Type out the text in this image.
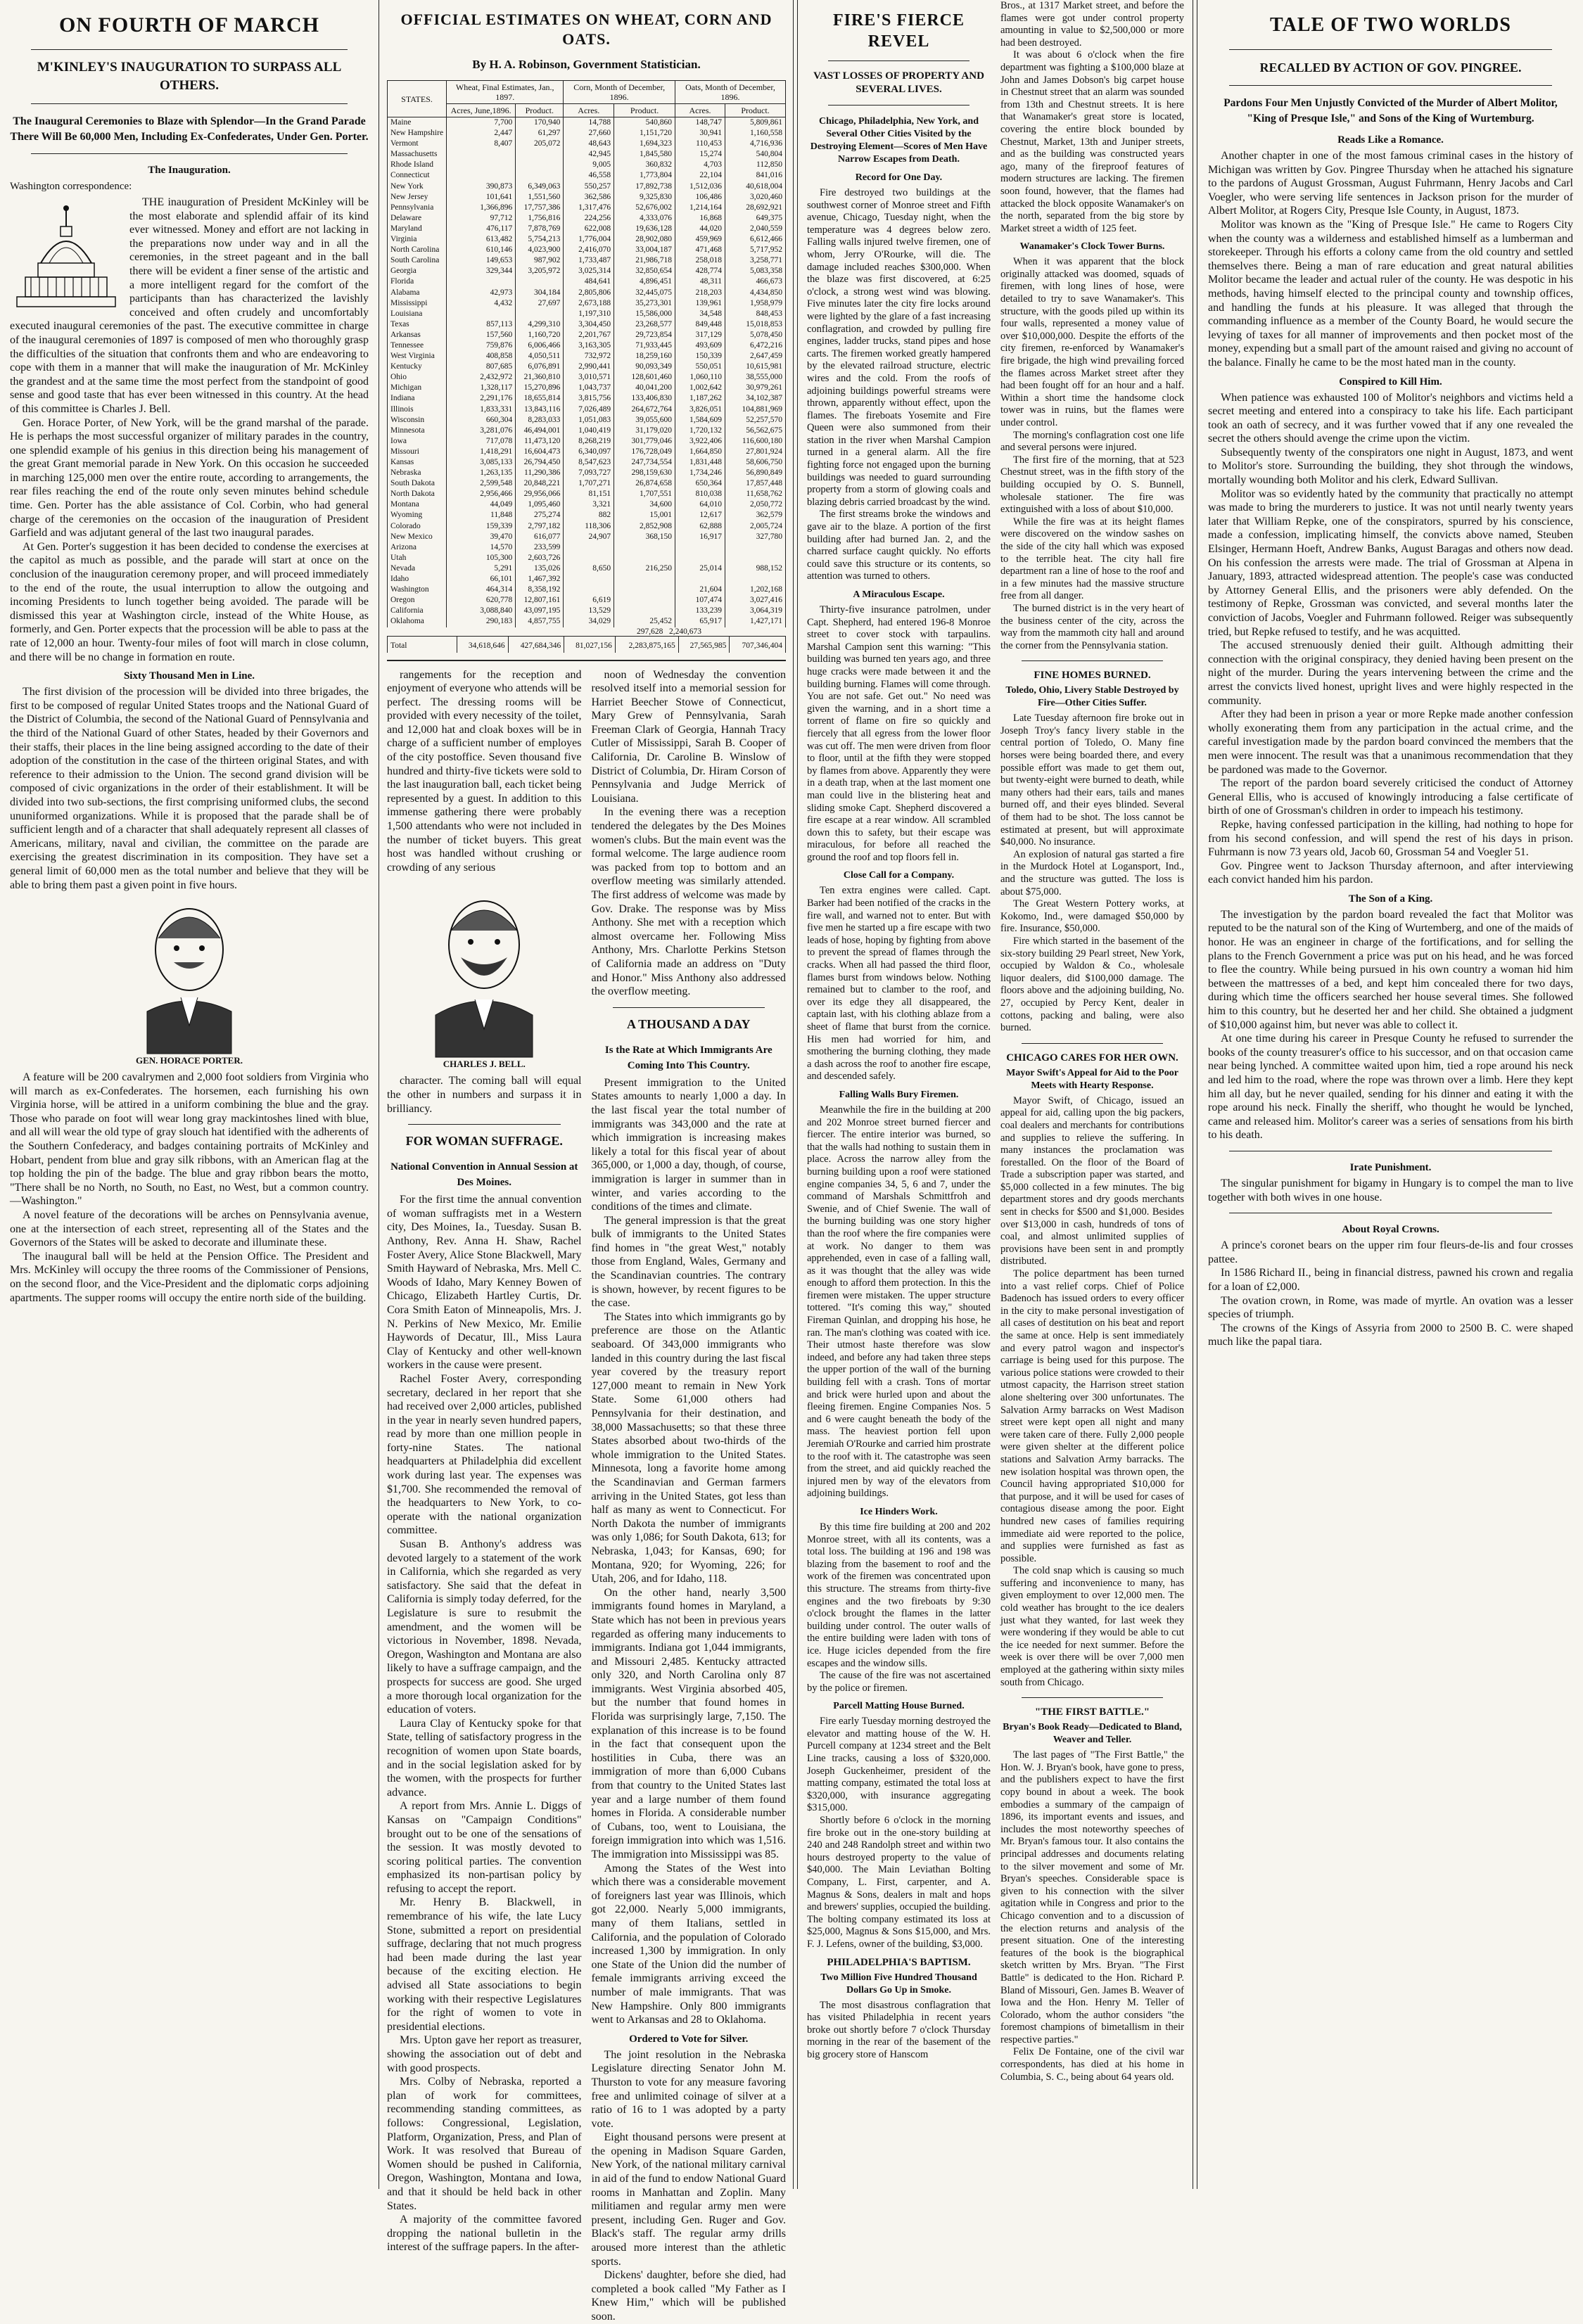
ON FOURTH OF MARCH
M'KINLEY'S INAUGURATION TO SURPASS ALL OTHERS.

The Inaugural Ceremonies to Blaze with Splendor—In the Grand Parade There Will Be 60,000 Men, Including Ex-Confederates, Under Gen. Porter.

The Inauguration.

Washington correspondence:

THE inauguration of President McKinley will be the most elaborate and splendid affair of its kind ever witnessed. Money and effort are not lacking in the preparations now under way and in all the ceremonies, in the street pageant and in the ball there will be evident a finer sense of the artistic and a more intelligent regard for the comfort of the participants than has characterized the lavishly conceived and often crudely and uncomfortably executed inaugural ceremonies of the past. The executive committee in charge of the inaugural ceremonies of 1897 is composed of men who thoroughly grasp the difficulties of the situation that confronts them and who are endeavoring to cope with them in a manner that will make the inauguration of Mr. McKinley the grandest and at the same time the most perfect from the standpoint of good sense and good taste that has ever been witnessed in this country. At the head of this committee is Charles J. Bell.

Gen. Horace Porter, of New York, will be the grand marshal of the parade. He is perhaps the most successful organizer of military parades in the country, one splendid example of his genius in this direction being his management of the great Grant memorial parade in New York. On this occasion he succeeded in marching 125,000 men over the entire route, according to arrangements, the rear files reaching the end of the route only seven minutes behind schedule time. Gen. Porter has the able assistance of Col. Corbin, who had general charge of the ceremonies on the occasion of the inauguration of President Garfield and was adjutant general of the last two inaugural parades.

At Gen. Porter's suggestion it has been decided to condense the exercises at the capitol as much as possible, and the parade will start at once on the conclusion of the inauguration ceremony proper, and will proceed immediately to the end of the route, the usual interruption to allow the outgoing and incoming Presidents to lunch together being avoided. The parade will be dismissed this year at Washington circle, instead of the White House, as formerly, and Gen. Porter expects that the procession will be able to pass at the rate of 12,000 an hour. Twenty-four miles of foot will march in close column, and there will be no change in formation en route.

Sixty Thousand Men in Line.

The first division of the procession will be divided into three brigades, the first to be composed of regular United States troops and the National Guard of the District of Columbia, the second of the National Guard of Pennsylvania and the third of the National Guard of other States, headed by their Governors and their staffs, their places in the line being assigned according to the date of their adoption of the constitution in the case of the thirteen original States, and with reference to their admission to the Union. The second grand division will be composed of civic organizations in the order of their establishment. It will be divided into two sub-sections, the first comprising uniformed clubs, the second ununiformed organizations. While it is proposed that the parade shall be of sufficient length and of a character that shall adequately represent all classes of Americans, military, naval and civilian, the committee on the parade are exercising the greatest discrimination in its composition. They have set a general limit of 60,000 men as the total number and believe that they will be able to bring them past a given point in five hours.

GEN. HORACE PORTER.

A feature will be 200 cavalrymen and 2,000 foot soldiers from Virginia who will march as ex-Confederates. The horsemen, each furnishing his own Virginia horse, will be attired in a uniform combining the blue and the gray. Those who parade on foot will wear long gray mackintoshes lined with blue, and all will wear the old type of gray slouch hat identified with the adherents of the Southern Confederacy, and badges containing portraits of McKinley and Hobart, pendent from blue and gray silk ribbons, with an American flag at the top holding the pin of the badge. The blue and gray ribbon bears the motto, "There shall be no North, no South, no East, no West, but a common country.—Washington."

A novel feature of the decorations will be arches on Pennsylvania avenue, one at the intersection of each street, representing all of the States and the Governors of the States will be asked to decorate and illuminate these.

The inaugural ball will be held at the Pension Office. The President and Mrs. McKinley will occupy the three rooms of the Commissioner of Pensions, on the second floor, and the Vice-President and the diplomatic corps adjoining apartments. The supper rooms will occupy the entire north side of the building.

OFFICIAL ESTIMATES ON WHEAT, CORN AND OATS.
By H. A. Robinson, Government Statistician.
STATES.	Wheat, Final Estimates, Jan., 1897.		Corn, Month of December, 1896.		Oats, Month of December, 1896.	
	Acres, June,1896.	Product.	Acres.	Product.	Acres.	Product.
Maine	7,700	170,940	14,788	540,860	148,747	5,809,861
New Hampshire	2,447	61,297	27,660	1,151,720	30,941	1,160,558
Vermont	8,407	205,072	48,643	1,694,323	110,453	4,716,936
Massachusetts			42,945	1,845,580	15,274	540,804
Rhode Island			9,005	360,832	4,703	112,850
Connecticut			46,558	1,773,804	22,104	841,016
New York	390,873	6,349,063	550,257	17,892,738	1,512,036	40,618,004
New Jersey	101,641	1,551,560	362,586	9,325,830	106,486	3,020,460
Pennsylvania	1,366,896	17,757,386	1,317,476	52,676,002	1,214,164	28,692,921
Delaware	97,712	1,756,816	224,256	4,333,076	16,868	649,375
Maryland	476,117	7,878,769	622,008	19,636,128	44,020	2,040,559
Virginia	613,482	5,754,213	1,776,004	28,902,080	459,969	6,612,466
North Carolina	610,146	4,023,900	2,416,070	33,004,187	471,468	5,717,952
South Carolina	149,653	987,902	1,733,487	21,986,718	258,018	3,258,771
Georgia	329,344	3,205,972	3,025,314	32,850,654	428,774	5,083,358
Florida			484,641	4,896,451	48,311	466,673
Alabama	42,973	304,184	2,805,806	32,445,075	218,203	4,434,850
Mississippi	4,432	27,697	2,673,188	35,273,301	139,961	1,958,979
Louisiana			1,197,310	15,586,000	34,548	848,453
Texas	857,113	4,299,310	3,304,450	23,268,577	849,448	15,018,853
Arkansas	157,560	1,160,720	2,201,767	29,723,854	317,129	5,078,450
Tennessee	759,876	6,006,466	3,163,305	71,933,445	493,609	6,472,216
West Virginia	408,858	4,050,511	732,972	18,259,160	150,339	2,647,459
Kentucky	807,685	6,076,891	2,990,441	90,093,349	550,051	10,615,981
Ohio	2,432,972	21,360,810	3,010,571	128,601,460	1,060,110	38,555,000
Michigan	1,328,117	15,270,896	1,043,737	40,041,200	1,002,642	30,979,261
Indiana	2,291,176	18,655,814	3,815,756	133,406,830	1,187,262	34,102,387
Illinois	1,833,331	13,843,116	7,026,489	264,672,764	3,826,051	104,881,969
Wisconsin	660,304	8,283,033	1,051,083	39,055,600	1,584,609	52,257,570
Minnesota	3,281,076	46,494,001	1,040,419	31,179,020	1,720,132	56,562,675
Iowa	717,078	11,473,120	8,268,219	301,779,046	3,922,406	116,600,180
Missouri	1,418,291	16,604,473	6,340,097	176,728,049	1,664,850	27,801,924
Kansas	3,085,133	26,794,450	8,547,623	247,734,554	1,831,448	58,606,750
Nebraska	1,263,135	11,290,386	7,093,727	298,159,630	1,734,246	56,890,849
South Dakota	2,599,548	20,848,221	1,707,271	26,874,658	650,364	17,857,448
North Dakota	2,956,466	29,956,066	81,151	1,707,551	810,038	11,658,762
Montana	44,049	1,095,460	3,321	34,600	64,010	2,050,772
Wyoming	11,848	275,274	882	15,001	12,617	362,579
Colorado	159,339	2,797,182	118,306	2,852,908	62,888	2,005,724
New Mexico	39,470	616,077	24,907	368,150	16,917	327,780
Arizona	14,570	233,599				
Utah	105,300	2,603,726				
Nevada	5,291	135,026	8,650	216,250	25,014	988,152
Idaho	66,101	1,467,392				
Washington	464,314	8,358,192			21,604	1,202,168
Oregon	620,778	12,807,161	6,619		107,474	3,027,416
California	3,088,840	43,097,195	13,529		133,239	3,064,319
Oklahoma	290,183	4,857,755	34,029	25,452	65,917	1,427,171
297,628 2,240,673
Total	34,618,646	427,684,346	81,027,156	2,283,875,165	27,565,985	707,346,404

rangements for the reception and enjoyment of everyone who attends will be perfect. The dressing rooms will be provided with every necessity of the toilet, and 12,000 hat and cloak boxes will be in charge of a sufficient number of employes of the city postoffice. Seven thousand five hundred and thirty-five tickets were sold to the last inauguration ball, each ticket being represented by a guest. In addition to this immense gathering there were probably 1,500 attendants who were not included in the number of ticket buyers. This great host was handled without crushing or crowding of any serious

CHARLES J. BELL.

character. The coming ball will equal the other in numbers and surpass it in brilliancy.

FOR WOMAN SUFFRAGE.

National Convention in Annual Session at Des Moines.

For the first time the annual convention of woman suffragists met in a Western city, Des Moines, Ia., Tuesday. Susan B. Anthony, Rev. Anna H. Shaw, Rachel Foster Avery, Alice Stone Blackwell, Mary Smith Hayward of Nebraska, Mrs. Mell C. Woods of Idaho, Mary Kenney Bowen of Chicago, Elizabeth Hartley Curtis, Dr. Cora Smith Eaton of Minneapolis, Mrs. J. N. Perkins of New Mexico, Mr. Emilie Haywords of Decatur, Ill., Miss Laura Clay of Kentucky and other well-known workers in the cause were present.

Rachel Foster Avery, corresponding secretary, declared in her report that she had received over 2,000 articles, published in the year in nearly seven hundred papers, read by more than one million people in forty-nine States. The national headquarters at Philadelphia did excellent work during last year. The expenses was $1,700. She recommended the removal of the headquarters to New York, to co-operate with the national organization committee.

Susan B. Anthony's address was devoted largely to a statement of the work in California, which she regarded as very satisfactory. She said that the defeat in California is simply today deferred, for the Legislature is sure to resubmit the amendment, and the women will be victorious in November, 1898. Nevada, Oregon, Washington and Montana are also likely to have a suffrage campaign, and the prospects for success are good. She urged a more thorough local organization for the education of voters.

Laura Clay of Kentucky spoke for that State, telling of satisfactory progress in the recognition of women upon State boards, and in the social legislation asked for by the women, with the prospects for further advance.

A report from Mrs. Annie L. Diggs of Kansas on "Campaign Conditions" brought out to be one of the sensations of the session. It was mostly devoted to scoring political parties. The convention emphasized its non-partisan policy by refusing to accept the report.

Mr. Henry B. Blackwell, in remembrance of his wife, the late Lucy Stone, submitted a report on presidential suffrage, declaring that not much progress had been made during the last year because of the exciting election. He advised all State associations to begin working with their respective Legislatures for the right of women to vote in presidential elections.

Mrs. Upton gave her report as treasurer, showing the association out of debt and with good prospects.

Mrs. Colby of Nebraska, reported a plan of work for committees, recommending standing committees, as follows: Congressional, Legislation, Platform, Organization, Press, and Plan of Work. It was resolved that Bureau of Women should be pushed in California, Oregon, Washington, Montana and Iowa, and that it should be held back in other States.

A majority of the committee favored dropping the national bulletin in the interest of the suffrage papers. In the after-

noon of Wednesday the convention resolved itself into a memorial session for Harriet Beecher Stowe of Connecticut, Mary Grew of Pennsylvania, Sarah Freeman Clark of Georgia, Hannah Tracy Cutler of Mississippi, Sarah B. Cooper of California, Dr. Caroline B. Winslow of District of Columbia, Dr. Hiram Corson of Pennsylvania and Judge Merrick of Louisiana.

In the evening there was a reception tendered the delegates by the Des Moines women's clubs. But the main event was the formal welcome. The large audience room was packed from top to bottom and an overflow meeting was similarly attended. The first address of welcome was made by Gov. Drake. The response was by Miss Anthony. She met with a reception which almost overcame her. Following Miss Anthony, Mrs. Charlotte Perkins Stetson of California made an address on "Duty and Honor." Miss Anthony also addressed the overflow meeting.

A THOUSAND A DAY

Is the Rate at Which Immigrants Are Coming Into This Country.

Present immigration to the United States amounts to nearly 1,000 a day. In the last fiscal year the total number of immigrants was 343,000 and the rate at which immigration is increasing makes likely a total for this fiscal year of about 365,000, or 1,000 a day, though, of course, immigration is larger in summer than in winter, and varies according to the conditions of the times and climate.

The general impression is that the great bulk of immigrants to the United States find homes in "the great West," notably those from England, Wales, Germany and the Scandinavian countries. The contrary is shown, however, by recent figures to be the case.

The States into which immigrants go by preference are those on the Atlantic seaboard. Of 343,000 immigrants who landed in this country during the last fiscal year covered by the treasury report 127,000 meant to remain in New York State. Some 61,000 others had Pennsylvania for their destination, and 38,000 Massachusetts; so that these three States absorbed about two-thirds of the whole immigration to the United States. Minnesota, long a favorite home among the Scandinavian and German farmers arriving in the United States, got less than half as many as went to Connecticut. For North Dakota the number of immigrants was only 1,086; for South Dakota, 613; for Nebraska, 1,043; for Kansas, 690; for Montana, 920; for Wyoming, 226; for Utah, 206, and for Idaho, 118.

On the other hand, nearly 3,500 immigrants found homes in Maryland, a State which has not been in previous years regarded as offering many inducements to immigrants. Indiana got 1,044 immigrants, and Missouri 2,485. Kentucky attracted only 320, and North Carolina only 87 immigrants. West Virginia absorbed 405, but the number that found homes in Florida was surprisingly large, 7,150. The explanation of this increase is to be found in the fact that consequent upon the hostilities in Cuba, there was an immigration of more than 6,000 Cubans from that country to the United States last year and a large number of them found homes in Florida. A considerable number of Cubans, too, went to Louisiana, the foreign immigration into which was 1,516. The immigration into Mississippi was 85.

Among the States of the West into which there was a considerable movement of foreigners last year was Illinois, which got 22,000. Nearly 5,000 immigrants, many of them Italians, settled in California, and the population of Colorado increased 1,300 by immigration. In only one State of the Union did the number of female immigrants arriving exceed the number of male immigrants. That was New Hampshire. Only 800 immigrants went to Arkansas and 28 to Oklahoma.

Ordered to Vote for Silver.

The joint resolution in the Nebraska Legislature directing Senator John M. Thurston to vote for any measure favoring free and unlimited coinage of silver at a ratio of 16 to 1 was adopted by a party vote.

Eight thousand persons were present at the opening in Madison Square Garden, New York, of the national military carnival in aid of the fund to endow National Guard rooms in Manhattan and Zoplin. Many militiamen and regular army men were present, including Gen. Ruger and Gov. Black's staff. The regular army drills aroused more interest than the athletic sports.

Dickens' daughter, before she died, had completed a book called "My Father as I Knew Him," which will be published soon.

FIRE'S FIERCE REVEL
VAST LOSSES OF PROPERTY AND SEVERAL LIVES.

Chicago, Philadelphia, New York, and Several Other Cities Visited by the Destroying Element—Scores of Men Have Narrow Escapes from Death.

Record for One Day.

Fire destroyed two buildings at the southwest corner of Monroe street and Fifth avenue, Chicago, Tuesday night, when the temperature was 4 degrees below zero. Falling walls injured twelve firemen, one of whom, Jerry O'Rourke, will die. The damage included reaches $300,000. When the blaze was first discovered, at 6:25 o'clock, a strong west wind was blowing. Five minutes later the city fire locks around were lighted by the glare of a fast increasing conflagration, and crowded by pulling fire engines, ladder trucks, stand pipes and hose carts. The firemen worked greatly hampered by the elevated railroad structure, electric wires and the cold. From the roofs of adjoining buildings powerful streams were thrown, apparently without effect, upon the flames. The fireboats Yosemite and Fire Queen were also summoned from their station in the river when Marshal Campion turned in a general alarm. All the fire fighting force not engaged upon the burning buildings was needed to guard surrounding property from a storm of glowing coals and blazing debris carried broadcast by the wind.

The first streams broke the windows and gave air to the blaze. A portion of the first building after had burned Jan. 2, and the charred surface caught quickly. No efforts could save this structure or its contents, so attention was turned to others.

A Miraculous Escape.

Thirty-five insurance patrolmen, under Capt. Shepherd, had entered 196-8 Monroe street to cover stock with tarpaulins. Marshal Campion sent this warning: "This building was burned ten years ago, and three huge cracks were made between it and the building burning. Flames will come through. You are not safe. Get out." No need was given the warning, and in a short time a torrent of flame on fire so quickly and fiercely that all egress from the lower floor was cut off. The men were driven from floor to floor, until at the fifth they were stopped by flames from above. Apparently they were in a death trap, when at the last moment one man could live in the blistering heat and sliding smoke Capt. Shepherd discovered a fire escape at a rear window. All scrambled down this to safety, but their escape was miraculous, for before all reached the ground the roof and top floors fell in.

Close Call for a Company.

Ten extra engines were called. Capt. Barker had been notified of the cracks in the fire wall, and warned not to enter. But with five men he started up a fire escape with two leads of hose, hoping by fighting from above to prevent the spread of flames through the cracks. When all had passed the third floor, flames burst from windows below. Nothing remained but to clamber to the roof, and over its edge they all disappeared, the captain last, with his clothing ablaze from a sheet of flame that burst from the cornice. His men had worried for him, and smothering the burning clothing, they made a dash across the roof to another fire escape, and descended safely.

Falling Walls Bury Firemen.

Meanwhile the fire in the building at 200 and 202 Monroe street burned fiercer and fiercer. The entire interior was burned, so that the walls had nothing to sustain them in place. Across the narrow alley from the burning building upon a roof were stationed engine companies 34, 5, 6 and 7, under the command of Marshals Schmittfroh and Swenie, and of Chief Swenie. The wall of the burning building was one story higher than the roof where the fire companies were at work. No danger to them was apprehended, even in case of a falling wall, as it was thought that the alley was wide enough to afford them protection. In this the firemen were mistaken. The upper structure tottered. "It's coming this way," shouted Fireman Quinlan, and dropping his hose, he ran. The man's clothing was coated with ice. Their utmost haste therefore was slow indeed, and before any had taken three steps the upper portion of the wall of the burning building fell with a crash. Tons of mortar and brick were hurled upon and about the fleeing firemen. Engine Companies Nos. 5 and 6 were caught beneath the body of the mass. The heaviest portion fell upon Jeremiah O'Rourke and carried him prostrate to the roof with it. The catastrophe was seen from the street, and aid quickly reached the injured men by way of the elevators from adjoining buildings.

Ice Hinders Work.

By this time fire building at 200 and 202 Monroe street, with all its contents, was a total loss. The building at 196 and 198 was blazing from the basement to roof and the work of the firemen was concentrated upon this structure. The streams from thirty-five engines and the two fireboats by 9:30 o'clock brought the flames in the latter building under control. The outer walls of the entire building were laden with tons of ice. Huge icicles depended from the fire escapes and the window sills.

The cause of the fire was not ascertained by the police or firemen.

Parcell Matting House Burned.

Fire early Tuesday morning destroyed the elevator and matting house of the W. H. Purcell company at 1234 street and the Belt Line tracks, causing a loss of $320,000. Joseph Guckenheimer, president of the matting company, estimated the total loss at $320,000, with insurance aggregating $315,000.

Shortly before 6 o'clock in the morning fire broke out in the one-story building at 240 and 248 Randolph street and within two hours destroyed property to the value of $40,000. The Main Leviathan Bolting Company, L. First, carpenter, and A. Magnus & Sons, dealers in malt and hops and brewers' supplies, occupied the building. The bolting company estimated its loss at $25,000, Magnus & Sons $15,000, and Mrs. F. J. Lefens, owner of the building, $3,000.

PHILADELPHIA'S BAPTISM.

Two Million Five Hundred Thousand Dollars Go Up in Smoke.

The most disastrous conflagration that has visited Philadelphia in recent years broke out shortly before 7 o'clock Thursday morning in the rear of the basement of the big grocery store of Hanscom

Bros., at 1317 Market street, and before the flames were got under control property amounting in value to $2,500,000 or more had been destroyed.

It was about 6 o'clock when the fire department was fighting a $100,000 blaze at John and James Dobson's big carpet house in Chestnut street that an alarm was sounded from 13th and Chestnut streets. It is here that Wanamaker's great store is located, covering the entire block bounded by Chestnut, Market, 13th and Juniper streets, and as the building was constructed years ago, many of the fireproof features of modern structures are lacking. The firemen soon found, however, that the flames had attacked the block opposite Wanamaker's on the north, separated from the big store by Market street a width of 125 feet.

Wanamaker's Clock Tower Burns.

When it was apparent that the block originally attacked was doomed, squads of firemen, with long lines of hose, were detailed to try to save Wanamaker's. This structure, with the goods piled up within its four walls, represented a money value of over $10,000,000. Despite the efforts of the city firemen, re-enforced by Wanamaker's fire brigade, the high wind prevailing forced the flames across Market street after they had been fought off for an hour and a half. Within a short time the handsome clock tower was in ruins, but the flames were under control.

The morning's conflagration cost one life and several persons were injured.

The first fire of the morning, that at 523 Chestnut street, was in the fifth story of the building occupied by O. S. Bunnell, wholesale stationer. The fire was extinguished with a loss of about $10,000.

While the fire was at its height flames were discovered on the window sashes on the side of the city hall which was exposed to the terrible heat. The city hall fire department ran a line of hose to the roof and in a few minutes had the massive structure free from all danger.

The burned district is in the very heart of the business center of the city, across the way from the mammoth city hall and around the corner from the Pennsylvania station.

FINE HOMES BURNED.

Toledo, Ohio, Livery Stable Destroyed by Fire—Other Cities Suffer.

Late Tuesday afternoon fire broke out in Joseph Troy's fancy livery stable in the central portion of Toledo, O. Many fine horses were being boarded there, and every possible effort was made to get them out, but twenty-eight were burned to death, while many others had their ears, tails and manes burned off, and their eyes blinded. Several of them had to be shot. The loss cannot be estimated at present, but will approximate $40,000. No insurance.

An explosion of natural gas started a fire in the Murdock Hotel at Logansport, Ind., and the structure was gutted. The loss is about $75,000.

The Great Western Pottery works, at Kokomo, Ind., were damaged $50,000 by fire. Insurance, $50,000.

Fire which started in the basement of the six-story building 29 Pearl street, New York, occupied by Waldon & Co., wholesale liquor dealers, did $100,000 damage. The floors above and the adjoining building, No. 27, occupied by Percy Kent, dealer in cottons, packing and baling, were also burned.

CHICAGO CARES FOR HER OWN.

Mayor Swift's Appeal for Aid to the Poor Meets with Hearty Response.

Mayor Swift, of Chicago, issued an appeal for aid, calling upon the big packers, coal dealers and merchants for contributions and supplies to relieve the suffering. In many instances the proclamation was forestalled. On the floor of the Board of Trade a subscription paper was started, and $5,000 collected in a few minutes. The big department stores and dry goods merchants sent in checks for $500 and $1,000. Besides over $13,000 in cash, hundreds of tons of coal, and almost unlimited supplies of provisions have been sent in and promptly distributed.

The police department has been turned into a vast relief corps. Chief of Police Badenoch has issued orders to every officer in the city to make personal investigation of all cases of destitution on his beat and report the same at once. Help is sent immediately and every patrol wagon and inspector's carriage is being used for this purpose. The various police stations were crowded to their utmost capacity, the Harrison street station alone sheltering over 300 unfortunates. The Salvation Army barracks on West Madison street were kept open all night and many were taken care of there. Fully 2,000 people were given shelter at the different police stations and Salvation Army barracks. The new isolation hospital was thrown open, the Council having appropriated $10,000 for that purpose, and it will be used for cases of contagious disease among the poor. Eight hundred new cases of families requiring immediate aid were reported to the police, and supplies were furnished as fast as possible.

The cold snap which is causing so much suffering and inconvenience to many, has given employment to over 12,000 men. The cold weather has brought to the ice dealers just what they wanted, for last week they were wondering if they would be able to cut the ice needed for next summer. Before the week is over there will be over 7,000 men employed at the gathering within sixty miles south from Chicago.

"THE FIRST BATTLE."

Bryan's Book Ready—Dedicated to Bland, Weaver and Teller.

The last pages of "The First Battle," the Hon. W. J. Bryan's book, have gone to press, and the publishers expect to have the first copy bound in about a week. The book embodies a summary of the campaign of 1896, its important events and issues, and includes the most noteworthy speeches of Mr. Bryan's famous tour. It also contains the principal addresses and documents relating to the silver movement and some of Mr. Bryan's speeches. Considerable space is given to his connection with the silver agitation while in Congress and prior to the Chicago convention and to a discussion of the election returns and analysis of the present situation. One of the interesting features of the book is the biographical sketch written by Mrs. Bryan. "The First Battle" is dedicated to the Hon. Richard P. Bland of Missouri, Gen. James B. Weaver of Iowa and the Hon. Henry M. Teller of Colorado, whom the author considers "the foremost champions of bimetallism in their respective parties."

Felix De Fontaine, one of the civil war correspondents, has died at his home in Columbia, S. C., being about 64 years old.

TALE OF TWO WORLDS
RECALLED BY ACTION OF GOV. PINGREE.

Pardons Four Men Unjustly Convicted of the Murder of Albert Molitor, "King of Presque Isle," and Sons of the King of Wurtemburg.

Reads Like a Romance.

Another chapter in one of the most famous criminal cases in the history of Michigan was written by Gov. Pingree Thursday when he attached his signature to the pardons of August Grossman, August Fuhrmann, Henry Jacobs and Carl Voegler, who were serving life sentences in Jackson prison for the murder of Albert Molitor, at Rogers City, Presque Isle County, in August, 1873.

Molitor was known as the "King of Presque Isle." He came to Rogers City when the county was a wilderness and established himself as a lumberman and storekeeper. Through his efforts a colony came from the old country and settled themselves there. Being a man of rare education and great natural abilities Molitor became the leader and actual ruler of the county. He was despotic in his methods, having himself elected to the principal county and township offices, and handling the funds at his pleasure. It was alleged that through the commanding influence as a member of the County Board, he would secure the levying of taxes for all manner of improvements and then pocket most of the money, expending but a small part of the amount raised and giving no account of the balance. Finally he came to be the most hated man in the county.

Conspired to Kill Him.

When patience was exhausted 100 of Molitor's neighbors and victims held a secret meeting and entered into a conspiracy to take his life. Each participant took an oath of secrecy, and it was further vowed that if any one revealed the secret the others should avenge the crime upon the victim.

Subsequently twenty of the conspirators one night in August, 1873, and went to Molitor's store. Surrounding the building, they shot through the windows, mortally wounding both Molitor and his clerk, Edward Sullivan.

Molitor was so evidently hated by the community that practically no attempt was made to bring the murderers to justice. It was not until nearly twenty years later that William Repke, one of the conspirators, spurred by his conscience, made a confession, implicating himself, the convicts above named, Steuben Elsinger, Hermann Hoeft, Andrew Banks, August Baragas and others now dead. On his confession the arrests were made. The trial of Grossman at Alpena in January, 1893, attracted widespread attention. The people's case was conducted by Attorney General Ellis, and the prisoners were ably defended. On the testimony of Repke, Grossman was convicted, and several months later the conviction of Jacobs, Voegler and Fuhrmann followed. Reiger was subsequently tried, but Repke refused to testify, and he was acquitted.

The accused strenuously denied their guilt. Although admitting their connection with the original conspiracy, they denied having been present on the night of the murder. During the years intervening between the crime and the arrest the convicts lived honest, upright lives and were highly respected in the community.

After they had been in prison a year or more Repke made another confession wholly exonerating them from any participation in the actual crime, and the careful investigation made by the pardon board convinced the members that the men were innocent. The result was that a unanimous recommendation that they be pardoned was made to the Governor.

The report of the pardon board severely criticised the conduct of Attorney General Ellis, who is accused of knowingly introducing a false certificate of birth of one of Grossman's children in order to impeach his testimony.

Repke, having confessed participation in the killing, had nothing to hope for from his second confession, and will spend the rest of his days in prison. Fuhrmann is now 73 years old, Jacob 60, Grossman 54 and Voegler 51.

Gov. Pingree went to Jackson Thursday afternoon, and after interviewing each convict handed him his pardon.

The Son of a King.

The investigation by the pardon board revealed the fact that Molitor was reputed to be the natural son of the King of Wurtemberg, and one of the maids of honor. He was an engineer in charge of the fortifications, and for selling the plans to the French Government a price was put on his head, and he was forced to flee the country. While being pursued in his own country a woman hid him between the mattresses of a bed, and kept him concealed there for two days, during which time the officers searched her house several times. She followed him to this country, but he deserted her and her child. She obtained a judgment of $10,000 against him, but never was able to collect it.

At one time during his career in Presque County he refused to surrender the books of the county treasurer's office to his successor, and on that occasion came near being lynched. A committee waited upon him, tied a rope around his neck and led him to the road, where the rope was thrown over a limb. Here they kept him all day, but he never quailed, sending for his dinner and eating it with the rope around his neck. Finally the sheriff, who thought he would be lynched, came and released him. Molitor's career was a series of sensations from his birth to his death.

Irate Punishment.

The singular punishment for bigamy in Hungary is to compel the man to live together with both wives in one house.

About Royal Crowns.

A prince's coronet bears on the upper rim four fleurs-de-lis and four crosses pattee.

In 1586 Richard II., being in financial distress, pawned his crown and regalia for a loan of £2,000.

The ovation crown, in Rome, was made of myrtle. An ovation was a lesser species of triumph.

The crowns of the Kings of Assyria from 2000 to 2500 B. C. were shaped much like the papal tiara.
